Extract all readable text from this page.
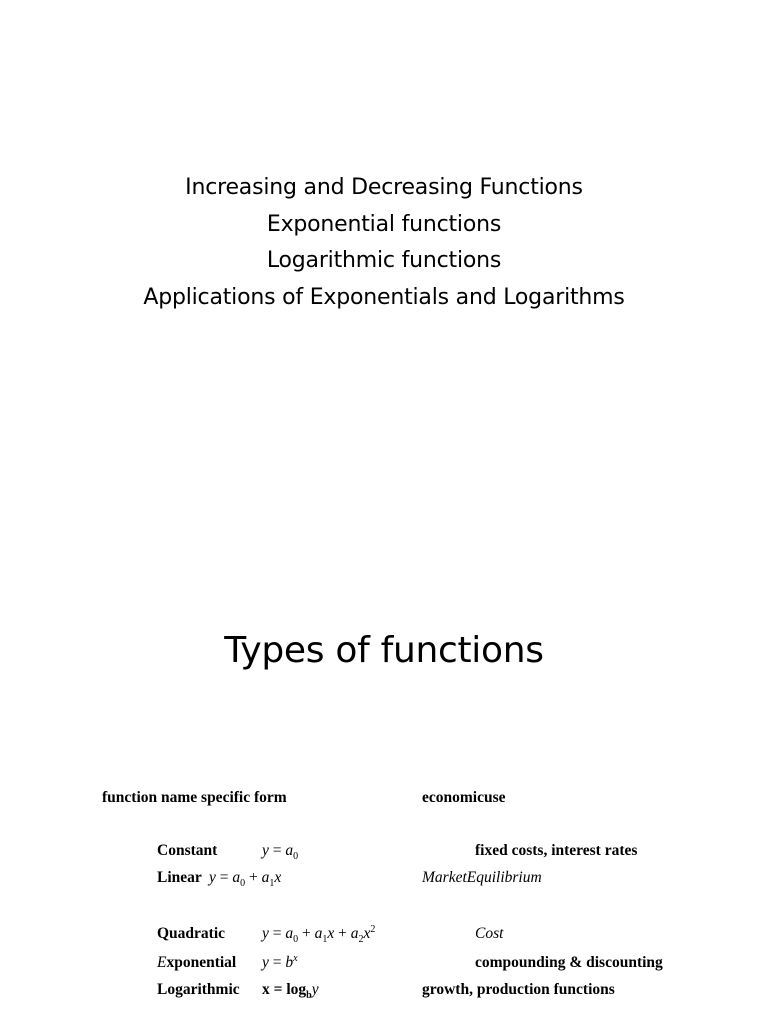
Increasing and Decreasing Functions
Exponential functions
Logarithmic functions
Applications of Exponentials and Logarithms
Types of functions
function name specific form	economicuse
Constant	$y = a_0$	fixed costs, interest rates
Linear $y = a_0 + a_1x$	MarketEquilibrium
Quadratic $y = a_0 + a_1x + a_2x^2$	Cost
Exponential $y = b^x$	compounding & discounting
Logarithmic $x = \log_by$	growth, production functions
